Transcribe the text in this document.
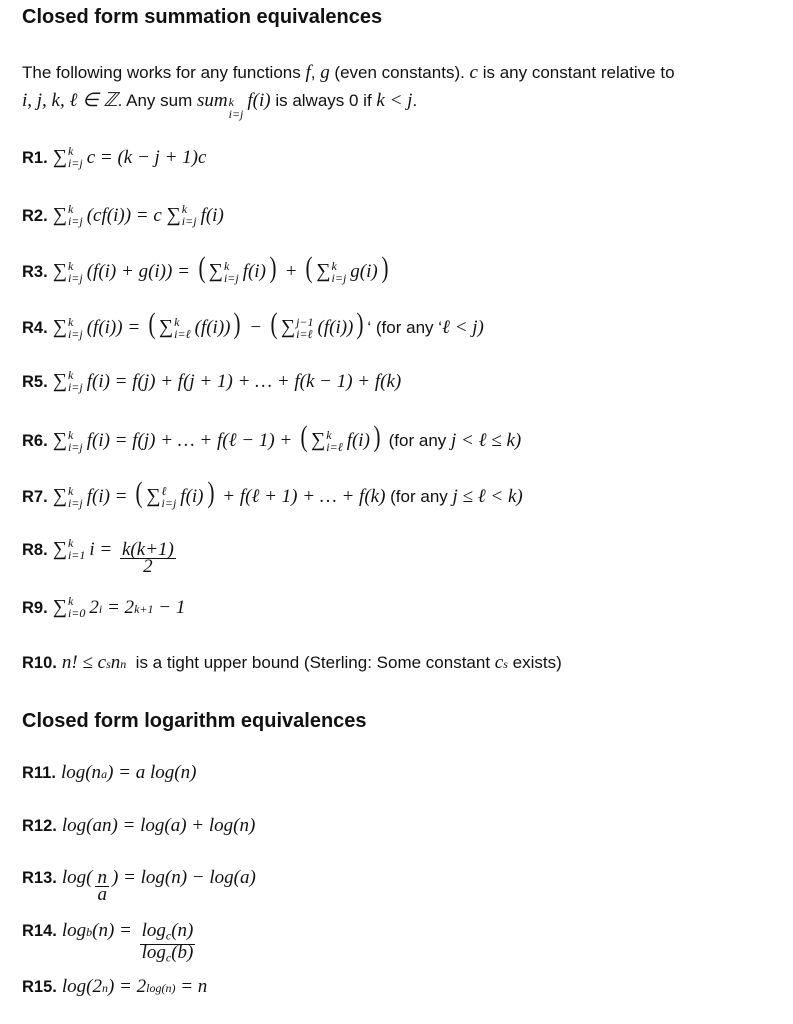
Closed form summation equivalences
The following works for any functions f , g (even constants). c is any constant relative to
i, j, k, ℓ ∈ ℤ . Any sum sum k
i=j
f(i) is always 0 if k < j .
Closed form logarithm equivalences
R1. ∑ k
i=j c = (k − j + 1)c
R2. ∑ k
i=j (cf(i)) = c ∑ k
i=j f(i)
R3. ∑ k
i=j (f(i) + g(i)) = ( ∑ k
i=j f(i) ) + ( ∑ k
i=j g(i) )
R4. ∑ k
i=j (f(i)) = ( ∑ k
i=ℓ (f(i)) ) − ( ∑ j−1
i=ℓ (f(i)) ) ‘ (for any ‘ ℓ < j)
R5. ∑ k
i=j f(i) = f(j) + f(j + 1) + … + f(k − 1) + f(k)
R6. ∑ k
i=j f(i) = f(j) + … + f(ℓ − 1) + ( ∑ k
i=ℓ f(i) ) (for any j < ℓ ≤ k)
R7. ∑ k
i=j f(i) = ( ∑ ℓ
i=j f(i) ) + f(ℓ + 1) + … + f(k) (for any j ≤ ℓ < k)
R8. ∑ k
i=1 $i = \frac{k(k+1)}{2}$
R9. ∑ k
i=0 2 i = 2 k+1 − 1
R10. n! ≤ c s n n is a tight upper bound (Sterling: Some constant c s exists)
R11. log(n a ) = a log(n)
R12. log(an) = log(a) + log(n)
R13. $\log( \frac{n}{a}$ ) = log(n) − log(a)
R14. log b $(n) = \frac{\log_c(n)}{\log_c(b)}$
R15. log(2 n ) = 2 log(n) = n
